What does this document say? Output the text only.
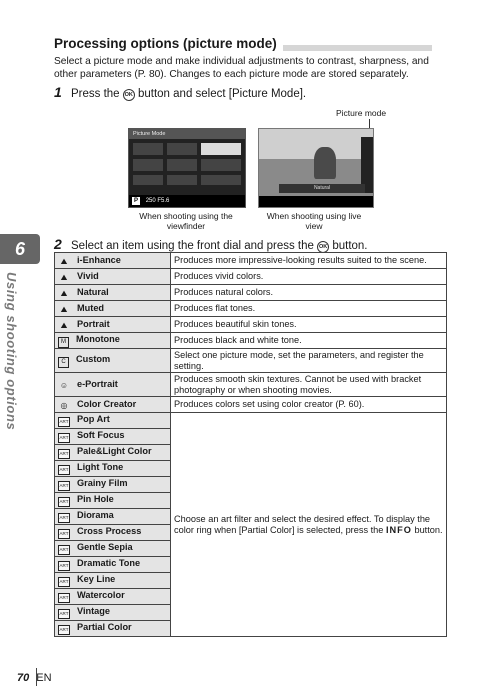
Processing options (picture mode)
Select a picture mode and make individual adjustments to contrast, sharpness, and other parameters (P. 80). Changes to each picture mode are stored separately.
1 Press the OK button and select [Picture Mode].
Picture mode
Picture Mode
P 250 F5.6
Natural
When shooting using the viewfinder
When shooting using live view
6
Using shooting options
2 Select an item using the front dial and press the OK button.
⛰ i-Enhance	Produces more impressive-looking results suited to the scene.
⛰ Vivid	Produces vivid colors.
⛰ Natural	Produces natural colors.
⛰ Muted	Produces flat tones.
⛰ Portrait	Produces beautiful skin tones.
M Monotone	Produces black and white tone.
C Custom	Select one picture mode, set the parameters, and register the setting.
☺ e-Portrait	Produces smooth skin textures. Cannot be used with bracket photography or when shooting movies.
◎ Color Creator	Produces colors set using color creator (P. 60).
ART Pop Art	Choose an art filter and select the desired effect. To display the color ring when [Partial Color] is selected, press the INFO button.
ART Soft Focus	
ART Pale&Light Color	
ART Light Tone	
ART Grainy Film	
ART Pin Hole	
ART Diorama	
ART Cross Process	
ART Gentle Sepia	
ART Dramatic Tone	
ART Key Line	
ART Watercolor	
ART Vintage	
ART Partial Color	
70 EN
